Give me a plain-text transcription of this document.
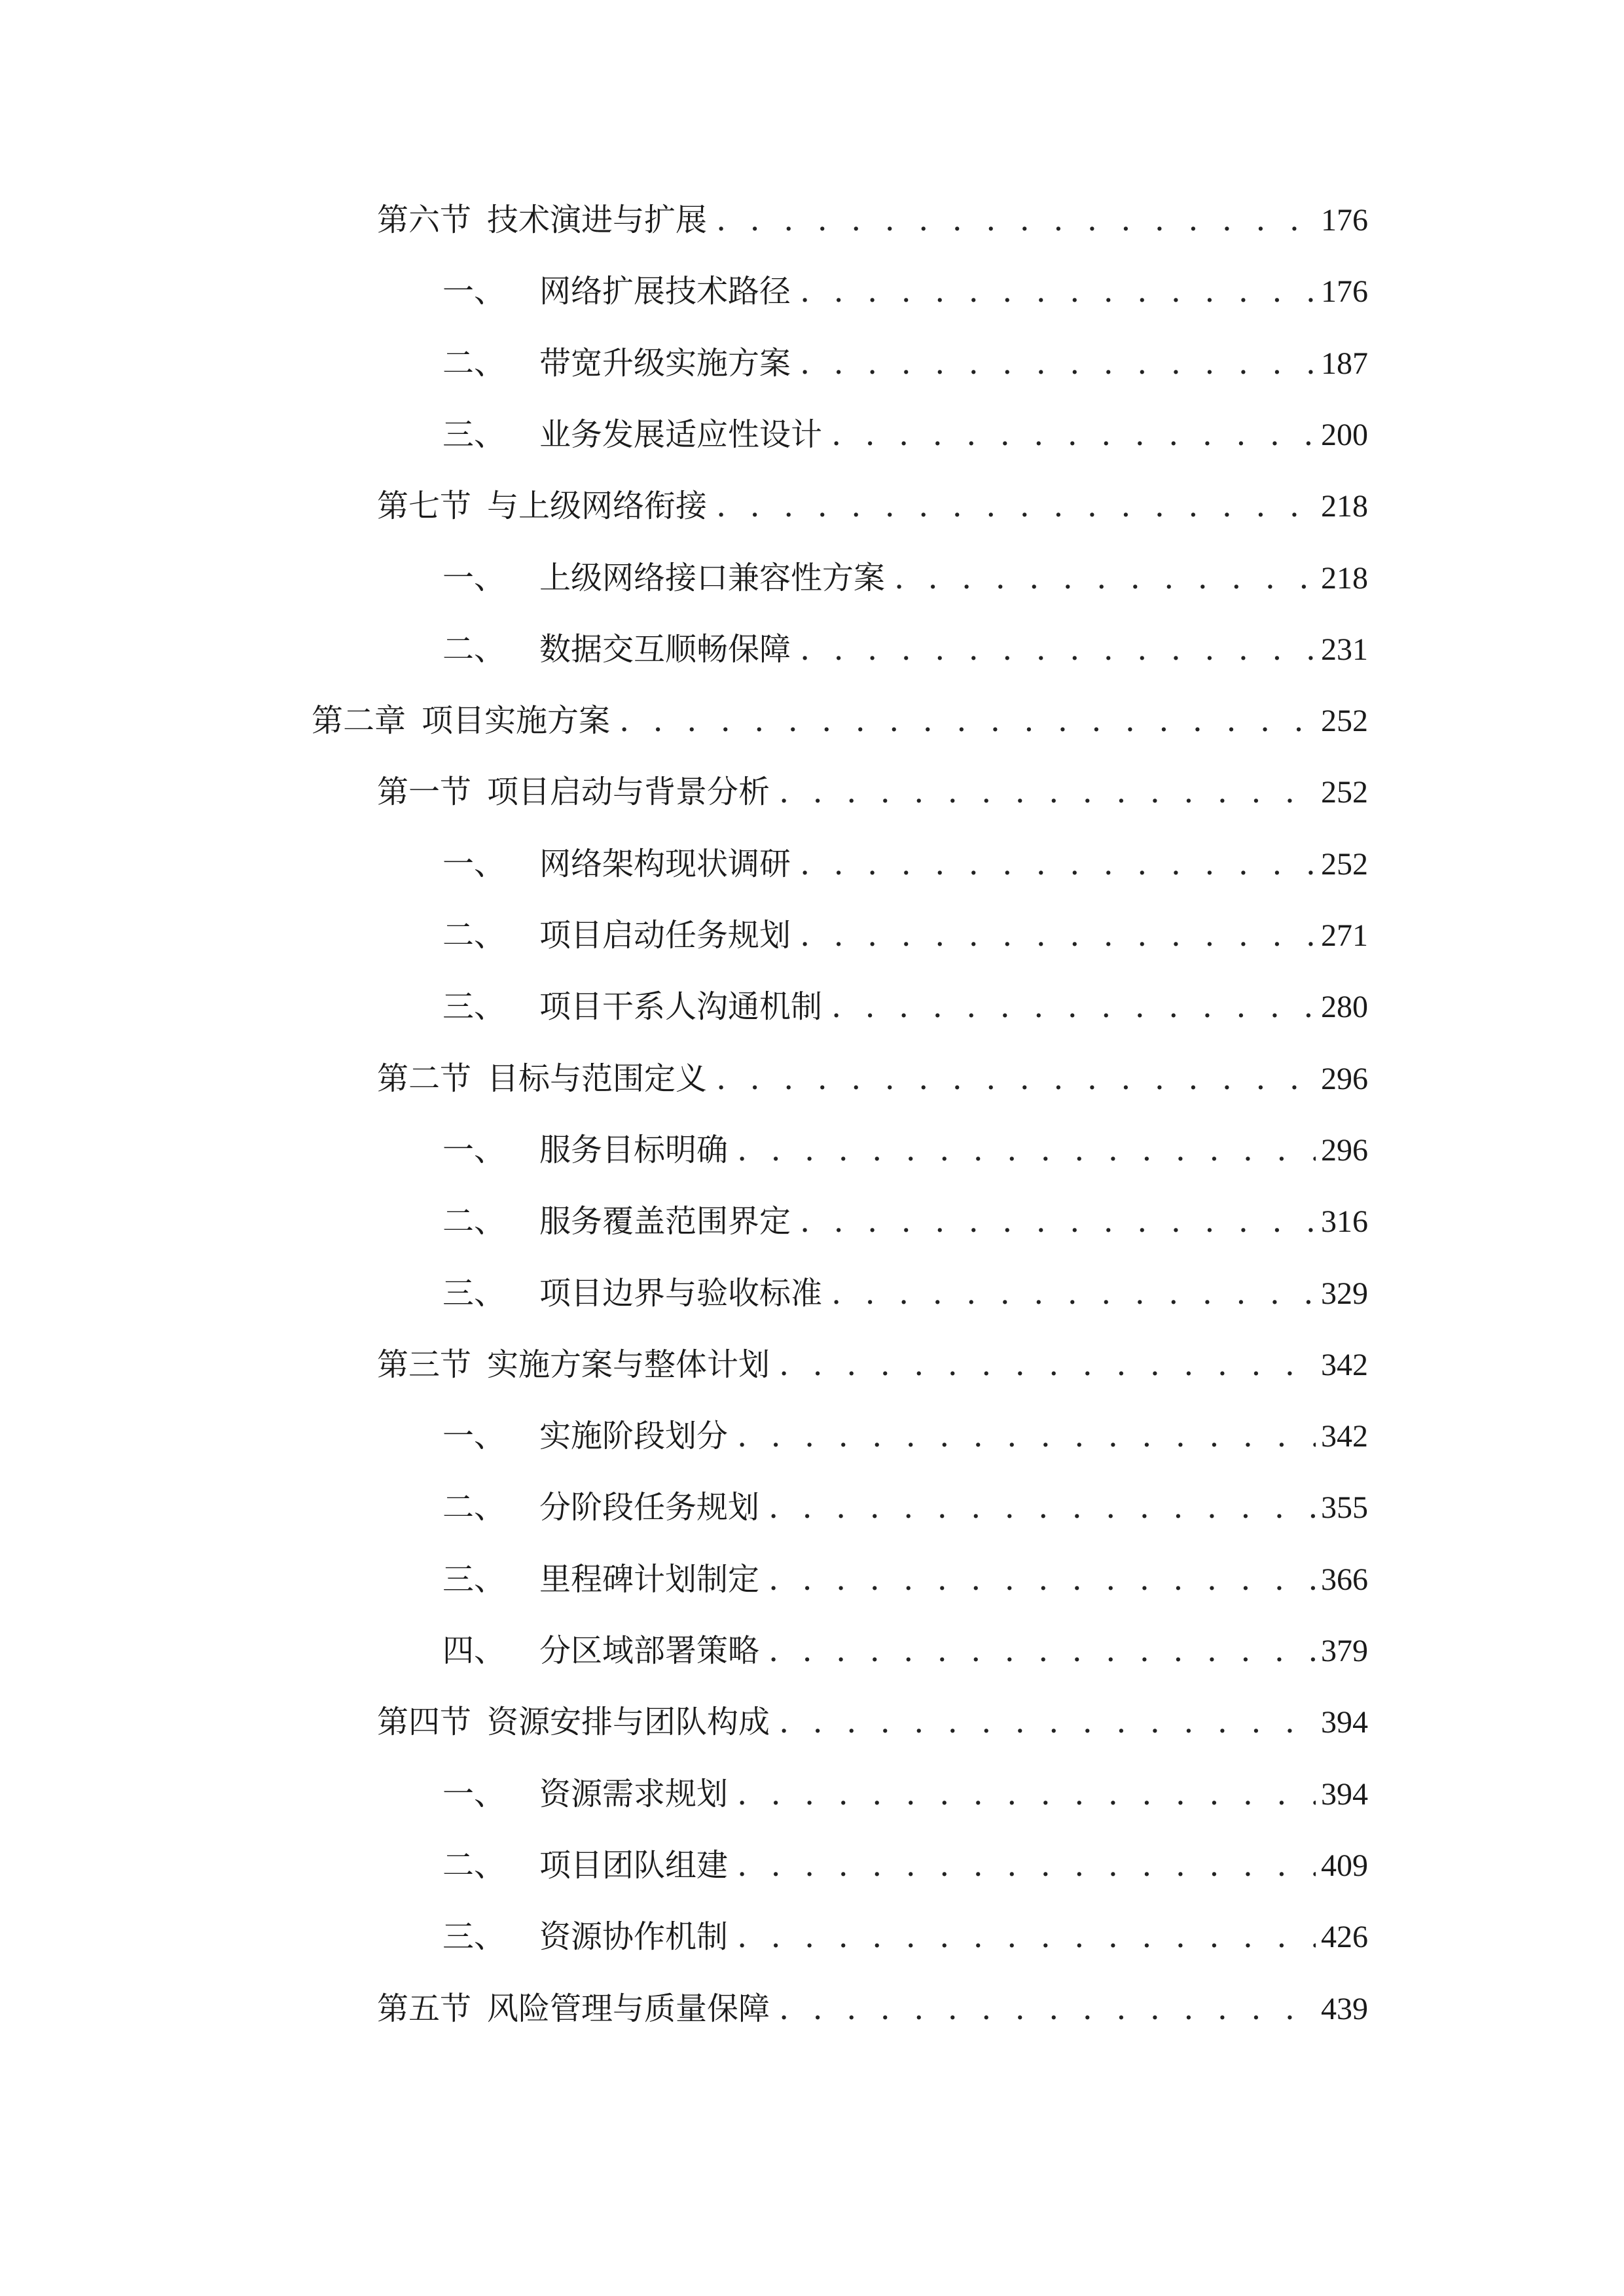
第六节 技术演进与扩展 . . .	176
一、	网络扩展技术路径 . . .	176
二、	带宽升级实施方案 . . .	187
三、	业务发展适应性设计 . . .	200
第七节 与上级网络衔接 . . .	218
一、	上级网络接口兼容性方案 . . .	218
二、	数据交互顺畅保障 . . .	231
第二章 项目实施方案 . . .	252
第一节 项目启动与背景分析 . . .	252
一、	网络架构现状调研 . . .	252
二、	项目启动任务规划 . . .	271
三、	项目干系人沟通机制 . . .	280
第二节 目标与范围定义 . . .	296
一、	服务目标明确 . . .	296
二、	服务覆盖范围界定 . . .	316
三、	项目边界与验收标准 . . .	329
第三节 实施方案与整体计划 . . .	342
一、	实施阶段划分 . . .	342
二、	分阶段任务规划 . . .	355
三、	里程碑计划制定 . . .	366
四、	分区域部署策略 . . .	379
第四节 资源安排与团队构成 . . .	394
一、	资源需求规划 . . .	394
二、	项目团队组建 . . .	409
三、	资源协作机制 . . .	426
第五节 风险管理与质量保障 . . .	439
